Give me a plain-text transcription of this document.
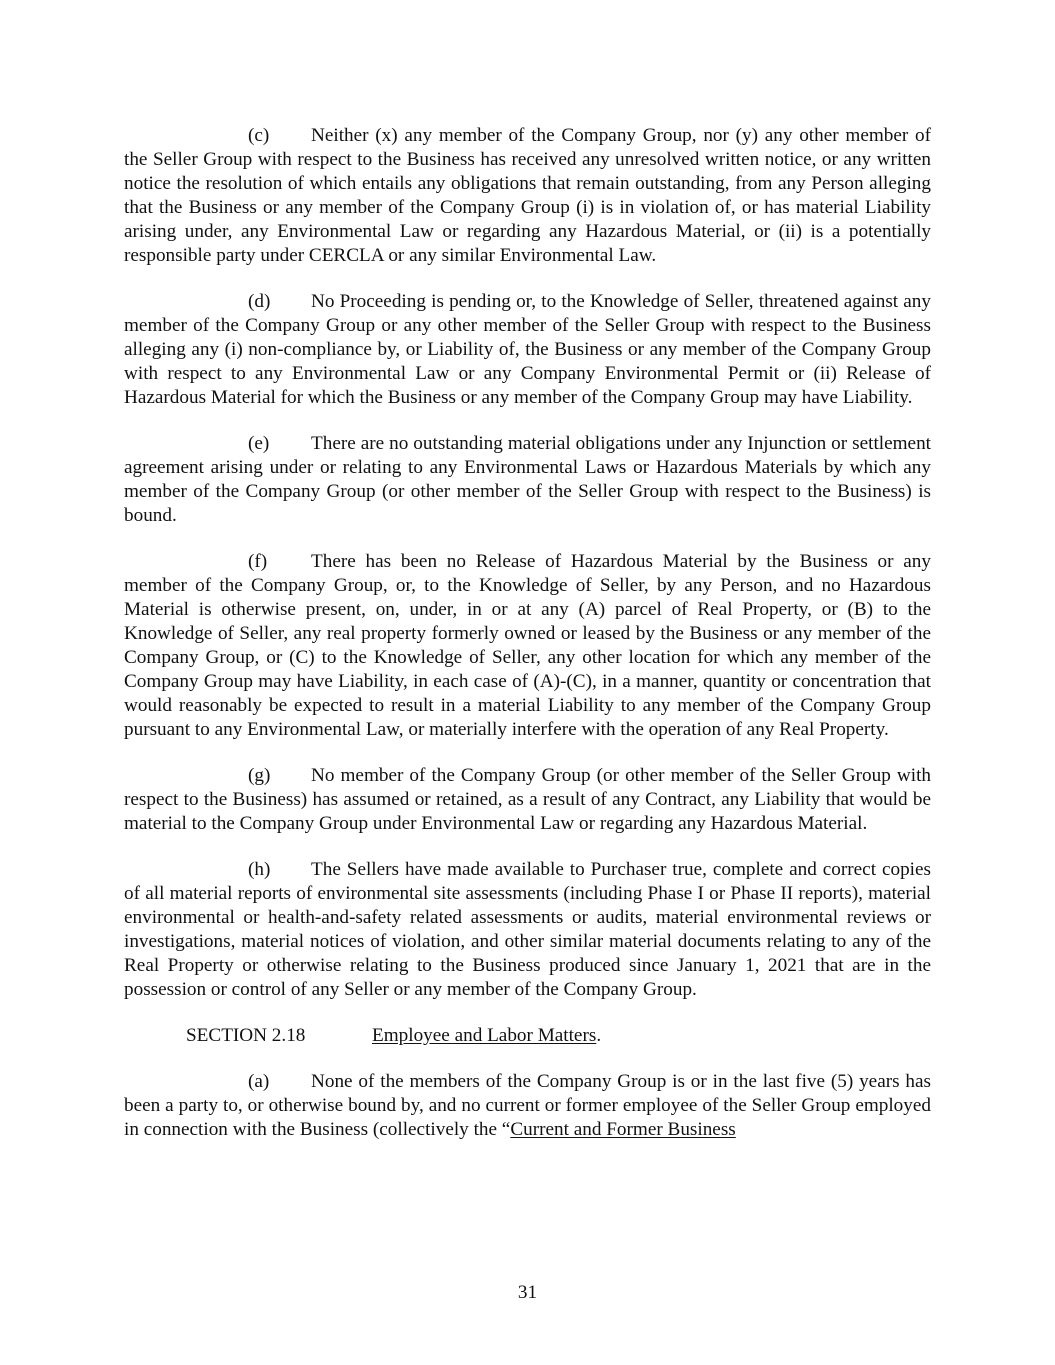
(c) Neither (x) any member of the Company Group, nor (y) any other member of the Seller Group with respect to the Business has received any unresolved written notice, or any written notice the resolution of which entails any obligations that remain outstanding, from any Person alleging that the Business or any member of the Company Group (i) is in violation of, or has material Liability arising under, any Environmental Law or regarding any Hazardous Material, or (ii) is a potentially responsible party under CERCLA or any similar Environmental Law.

(d) No Proceeding is pending or, to the Knowledge of Seller, threatened against any member of the Company Group or any other member of the Seller Group with respect to the Business alleging any (i) non-compliance by, or Liability of, the Business or any member of the Company Group with respect to any Environmental Law or any Company Environmental Permit or (ii) Release of Hazardous Material for which the Business or any member of the Company Group may have Liability.

(e) There are no outstanding material obligations under any Injunction or settlement agreement arising under or relating to any Environmental Laws or Hazardous Materials by which any member of the Company Group (or other member of the Seller Group with respect to the Business) is bound.

(f) There has been no Release of Hazardous Material by the Business or any member of the Company Group, or, to the Knowledge of Seller, by any Person, and no Hazardous Material is otherwise present, on, under, in or at any (A) parcel of Real Property, or (B) to the Knowledge of Seller, any real property formerly owned or leased by the Business or any member of the Company Group, or (C) to the Knowledge of Seller, any other location for which any member of the Company Group may have Liability, in each case of (A)-(C), in a manner, quantity or concentration that would reasonably be expected to result in a material Liability to any member of the Company Group pursuant to any Environmental Law, or materially interfere with the operation of any Real Property.

(g) No member of the Company Group (or other member of the Seller Group with respect to the Business) has assumed or retained, as a result of any Contract, any Liability that would be material to the Company Group under Environmental Law or regarding any Hazardous Material.

(h) The Sellers have made available to Purchaser true, complete and correct copies of all material reports of environmental site assessments (including Phase I or Phase II reports), material environmental or health-and-safety related assessments or audits, material environmental reviews or investigations, material notices of violation, and other similar material documents relating to any of the Real Property or otherwise relating to the Business produced since January 1, 2021 that are in the possession or control of any Seller or any member of the Company Group.

SECTION 2.18	Employee and Labor Matters.

(a) None of the members of the Company Group is or in the last five (5) years has been a party to, or otherwise bound by, and no current or former employee of the Seller Group employed in connection with the Business (collectively the “Current and Former Business

31
